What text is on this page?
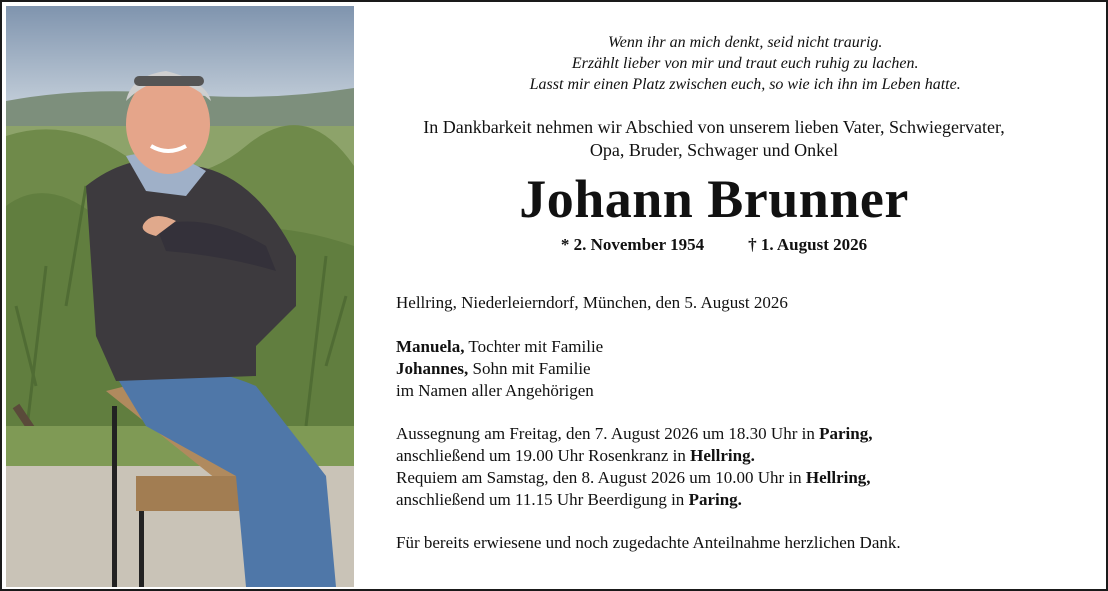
Wenn ihr an mich denkt, seid nicht traurig.
Erzählt lieber von mir und traut euch ruhig zu lachen.
Lasst mir einen Platz zwischen euch, so wie ich ihn im Leben hatte.
In Dankbarkeit nehmen wir Abschied von unserem lieben Vater, Schwiegervater,
Opa, Bruder, Schwager und Onkel
Johann Brunner
* 2. November 1954	† 1. August 2026
Hellring, Niederleierndorf, München, den 5. August 2026
Manuela, Tochter mit Familie
Johannes, Sohn mit Familie
im Namen aller Angehörigen
Aussegnung am Freitag, den 7. August 2026 um 18.30 Uhr in Paring,
anschließend um 19.00 Uhr Rosenkranz in Hellring.
Requiem am Samstag, den 8. August 2026 um 10.00 Uhr in Hellring,
anschließend um 11.15 Uhr Beerdigung in Paring.
Für bereits erwiesene und noch zugedachte Anteilnahme herzlichen Dank.
